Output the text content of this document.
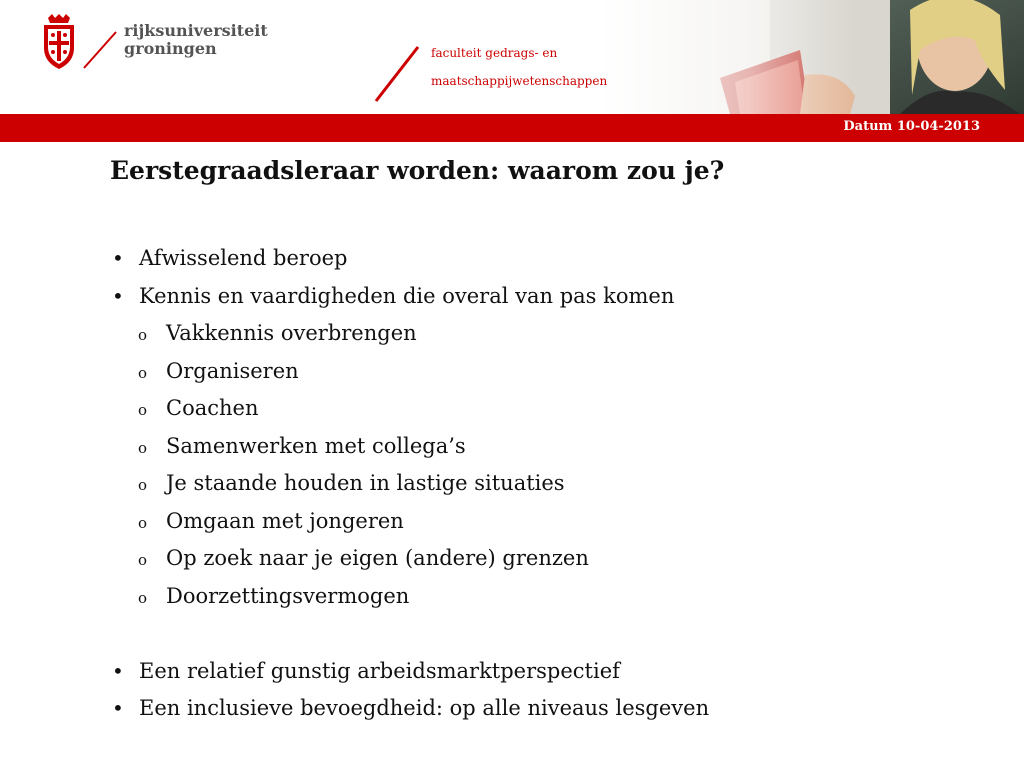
rijksuniversiteit
groningen	faculteit gedrags- en
maatschappijwetenschappen
Datum 10-04-2013
Eerstegraadsleraar worden: waarom zou je?
• Afwisselend beroep
• Kennis en vaardigheden die overal van pas komen
o Vakkennis overbrengen
o Organiseren
o Coachen
o Samenwerken met collega’s
o Je staande houden in lastige situaties
o Omgaan met jongeren
o Op zoek naar je eigen (andere) grenzen
o Doorzettingsvermogen
• Een relatief gunstig arbeidsmarktperspectief
• Een inclusieve bevoegdheid: op alle niveaus lesgeven
